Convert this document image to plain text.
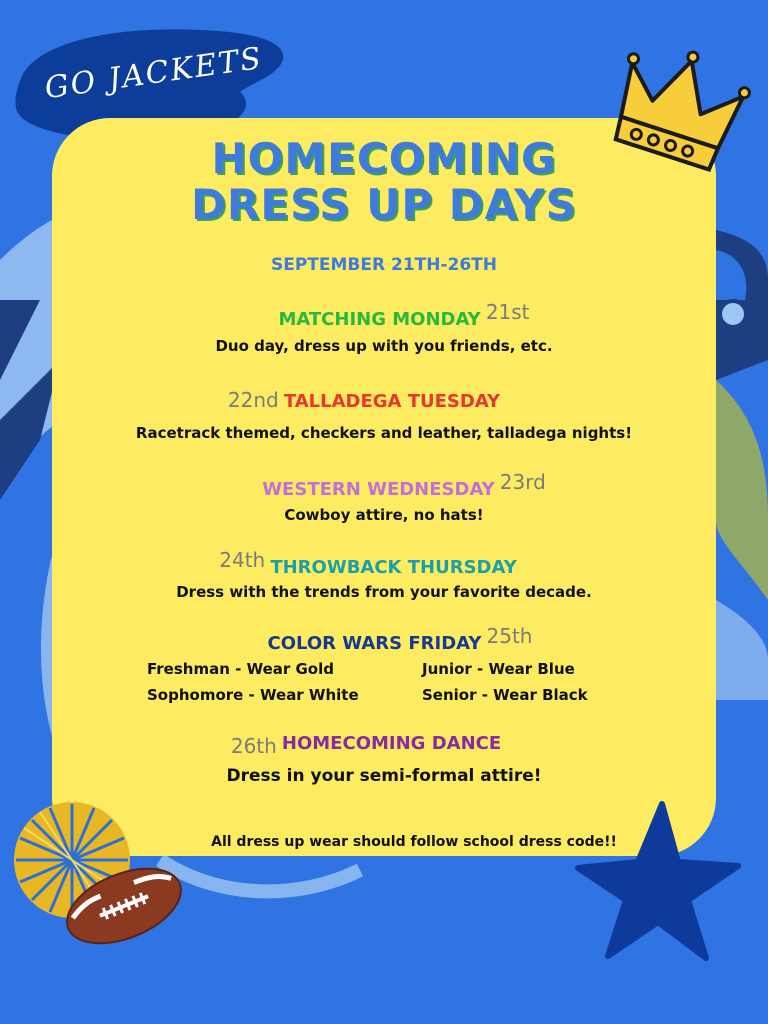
GO JACKETS
HOMECOMING
DRESS UP DAYS
SEPTEMBER 21TH-26TH
MATCHING MONDAY 21st
Duo day, dress up with you friends, etc.
22nd TALLADEGA TUESDAY
Racetrack themed, checkers and leather, talladega nights!
WESTERN WEDNESDAY 23rd
Cowboy attire, no hats!
24th THROWBACK THURSDAY
Dress with the trends from your favorite decade.
COLOR WARS FRIDAY 25th
Freshman - Wear Gold
Sophomore - Wear White
Junior - Wear Blue
Senior - Wear Black
26th HOMECOMING DANCE
Dress in your semi-formal attire!
All dress up wear should follow school dress code!!
